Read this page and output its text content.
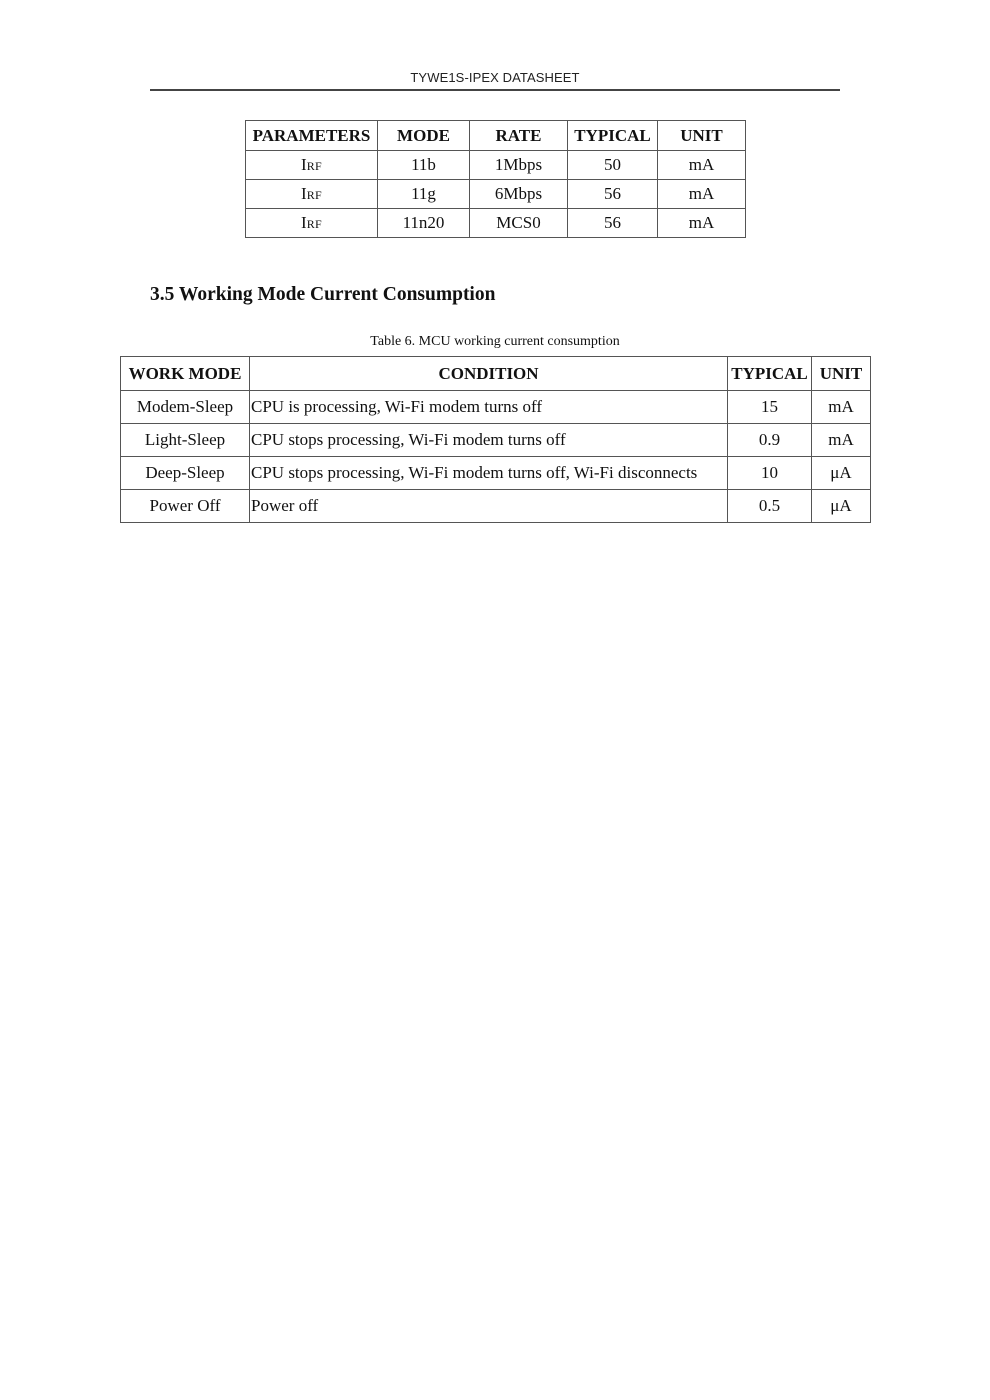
TYWE1S-IPEX DATASHEET
PARAMETERS	MODE	RATE	TYPICAL	UNIT
IRF	11b	1Mbps	50	mA
IRF	11g	6Mbps	56	mA
IRF	11n20	MCS0	56	mA
3.5 Working Mode Current Consumption
Table 6. MCU working current consumption
WORK MODE	CONDITION	TYPICAL	UNIT
Modem-Sleep	CPU is processing, Wi-Fi modem turns off	15	mA
Light-Sleep	CPU stops processing, Wi-Fi modem turns off	0.9	mA
Deep-Sleep	CPU stops processing, Wi-Fi modem turns off, Wi-Fi disconnects	10	μA
Power Off	Power off	0.5	μA
